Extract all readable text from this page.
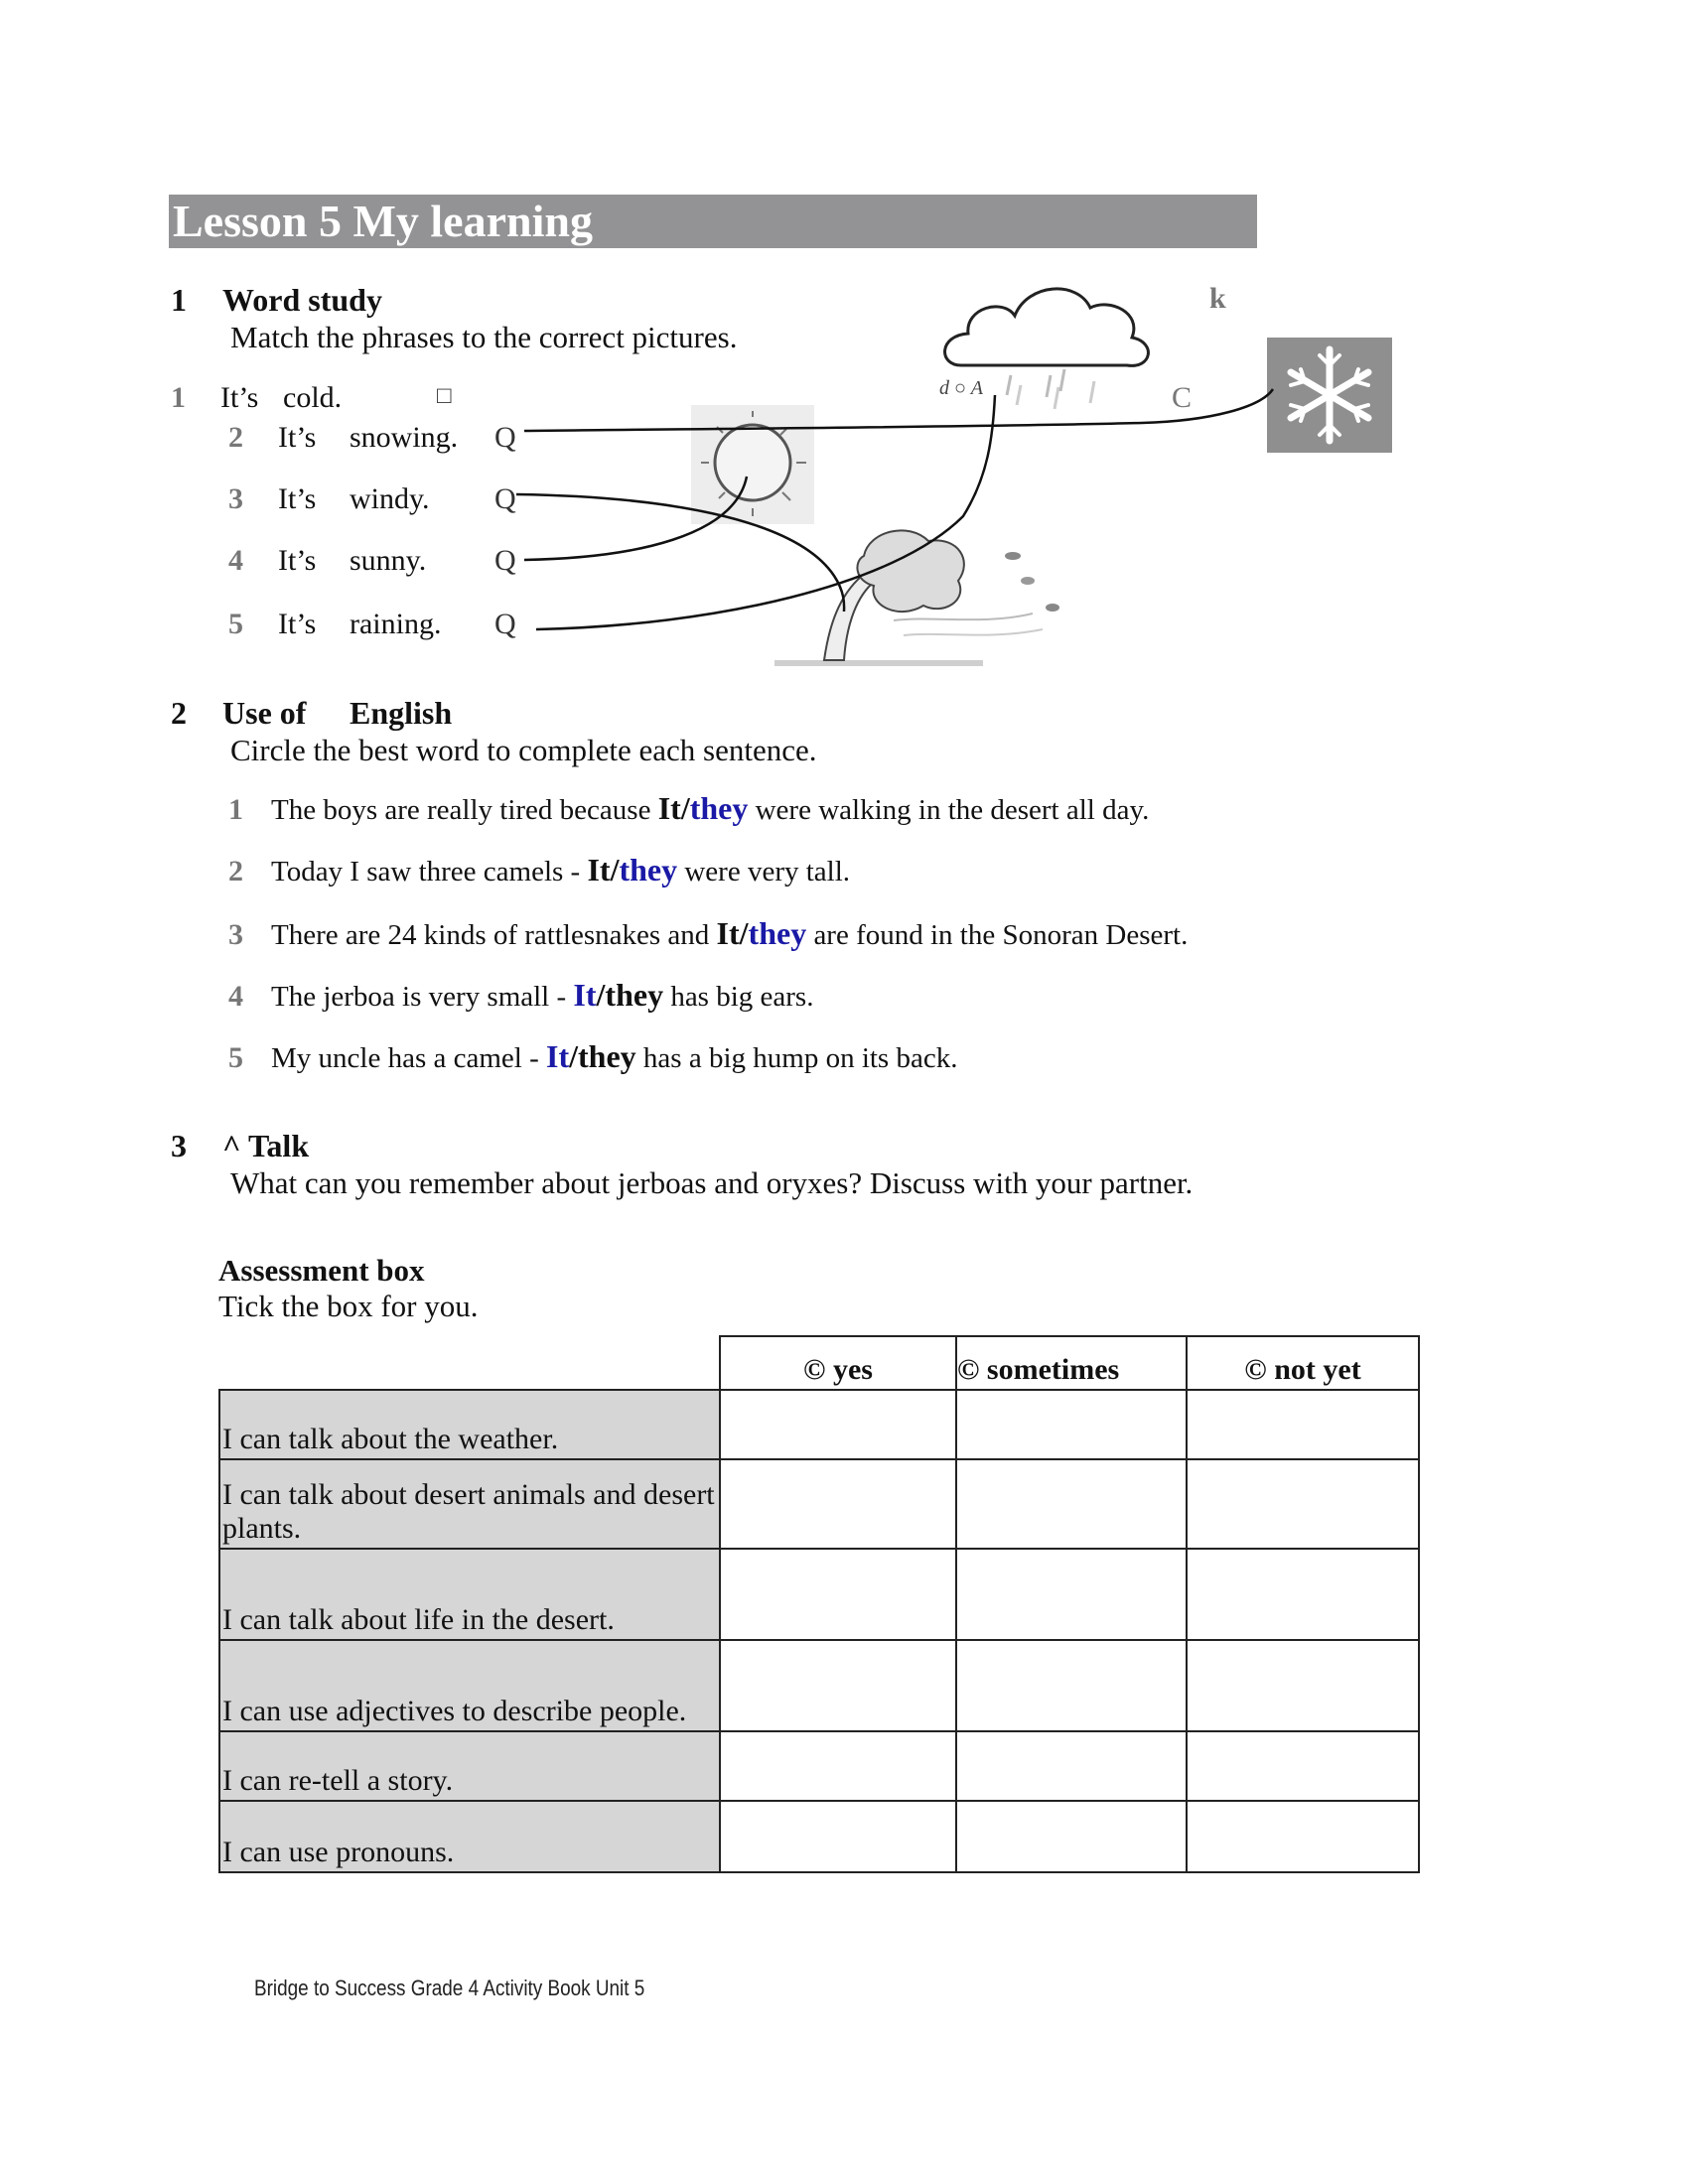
Lesson 5 My learning
1 Word study
Match the phrases to the correct pictures.
k
1 It’s cold.	□
2 It’s snowing. Q
3 It’s windy. Q
4 It’s sunny. Q
5 It’s raining. Q
d ○ A	C
2 Use of English
Circle the best word to complete each sentence.
1 The boys are really tired because It/they were walking in the desert all day.
2 Today I saw three camels - It/they were very tall.
3 There are 24 kinds of rattlesnakes and It/they are found in the Sonoran Desert.
4 The jerboa is very small - It/they has big ears.
5 My uncle has a camel - It/they has a big hump on its back.
3 ^ Talk
What can you remember about jerboas and oryxes? Discuss with your partner.
Assessment box
Tick the box for you.
	© yes	© sometimes	© not yet
I can talk about the weather.			
I can talk about desert animals and desert plants.			
I can talk about life in the desert.			
I can use adjectives to describe people.			
I can re-tell a story.			
I can use pronouns.			
Bridge to Success Grade 4 Activity Book Unit 5
